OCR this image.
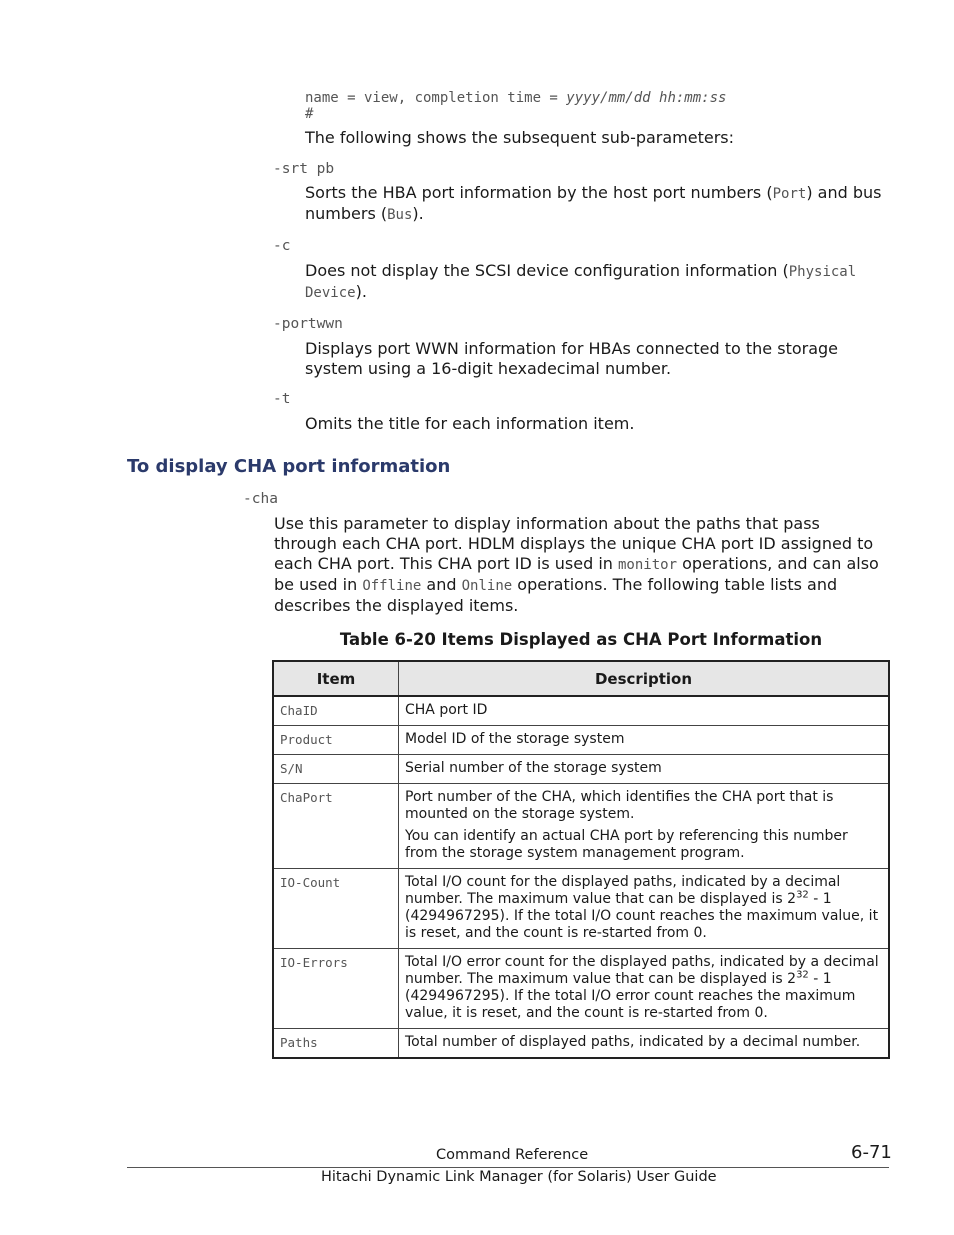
name = view, completion time = yyyy/mm/dd hh:mm:ss
#

The following shows the subsequent sub-parameters:

-srt pb

Sorts the HBA port information by the host port numbers (Port) and bus numbers (Bus).

-c

Does not display the SCSI device configuration information (Physical Device).

-portwwn

Displays port WWN information for HBAs connected to the storage system using a 16-digit hexadecimal number.

-t

Omits the title for each information item.

To display CHA port information
-cha

Use this parameter to display information about the paths that pass through each CHA port. HDLM displays the unique CHA port ID assigned to each CHA port. This CHA port ID is used in monitor operations, and can also be used in Offline and Online operations. The following table lists and describes the displayed items.

Table 6-20 Items Displayed as CHA Port Information
Item	Description
ChaID	CHA port ID
Product	Model ID of the storage system
S/N	Serial number of the storage system
ChaPort	Port number of the CHA, which identifies the CHA port that is mounted on the storage system.

You can identify an actual CHA port by referencing this number from the storage system management program.

IO-Count	Total I/O count for the displayed paths, indicated by a decimal number. The maximum value that can be displayed is $2^{32} - 1$ (4294967295). If the total I/O count reaches the maximum value, it is reset, and the count is re-started from 0.
IO-Errors	Total I/O error count for the displayed paths, indicated by a decimal number. The maximum value that can be displayed is $2^{32} - 1$ (4294967295). If the total I/O error count reaches the maximum value, it is reset, and the count is re-started from 0.
Paths	Total number of displayed paths, indicated by a decimal number.
Command Reference	6-71
Hitachi Dynamic Link Manager (for Solaris) User Guide
